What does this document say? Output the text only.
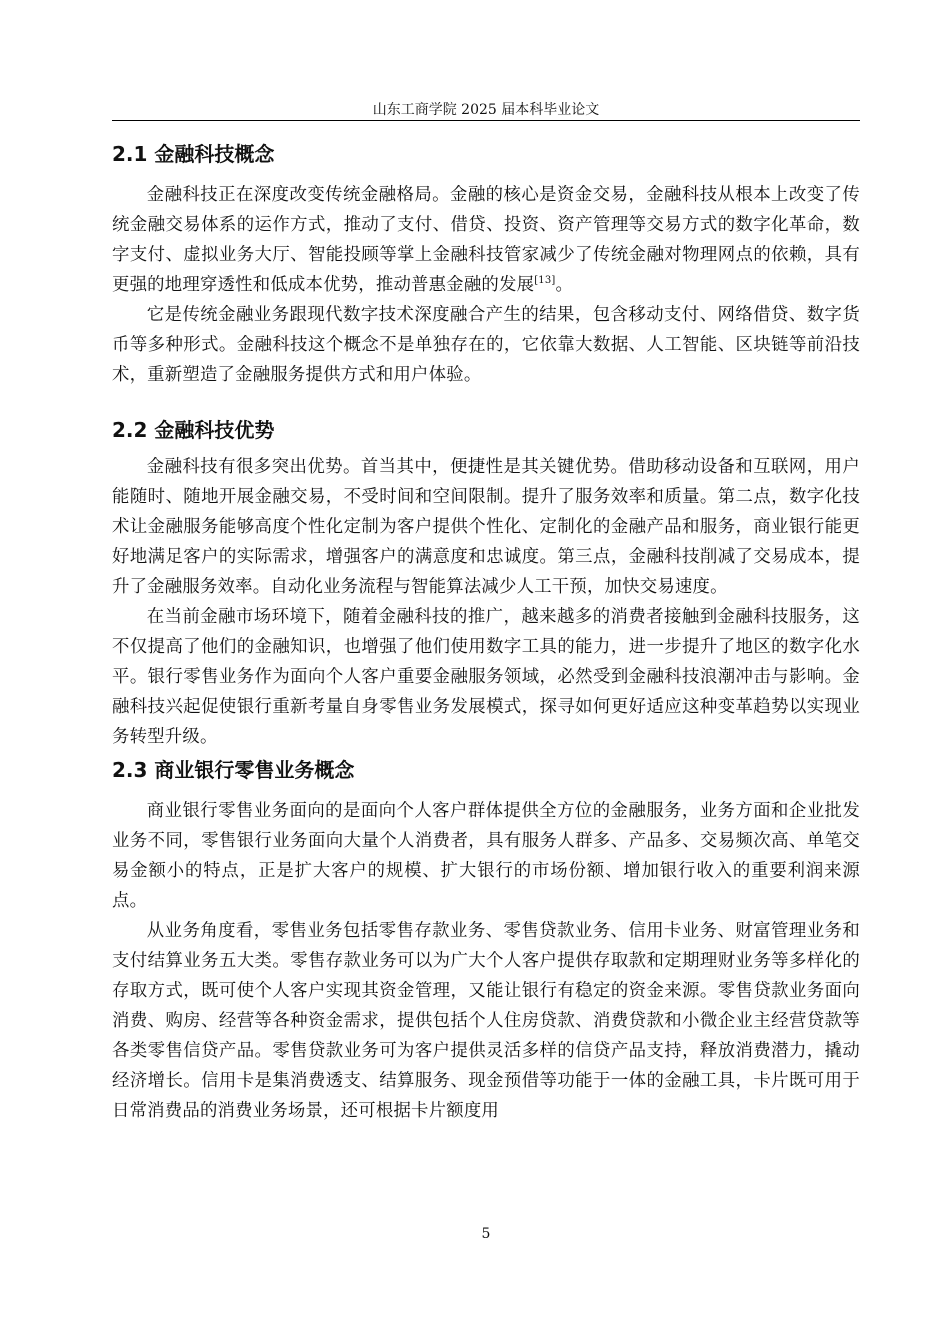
山东工商学院 2025 届本科毕业论文
2.1 金融科技概念

金融科技正在深度改变传统金融格局。金融的核心是资金交易，金融科技从根本上改变了传统金融交易体系的运作方式，推动了支付、借贷、投资、资产管理等交易方式的数字化革命，数字支付、虚拟业务大厅、智能投顾等掌上金融科技管家减少了传统金融对物理网点的依赖，具有更强的地理穿透性和低成本优势，推动普惠金融的发展[13]。

它是传统金融业务跟现代数字技术深度融合产生的结果，包含移动支付、网络借贷、数字货币等多种形式。金融科技这个概念不是单独存在的，它依靠大数据、人工智能、区块链等前沿技术，重新塑造了金融服务提供方式和用户体验。

2.2 金融科技优势

金融科技有很多突出优势。首当其中，便捷性是其关键优势。借助移动设备和互联网，用户能随时、随地开展金融交易，不受时间和空间限制。提升了服务效率和质量。第二点，数字化技术让金融服务能够高度个性化定制为客户提供个性化、定制化的金融产品和服务，商业银行能更好地满足客户的实际需求，增强客户的满意度和忠诚度。第三点，金融科技削减了交易成本，提升了金融服务效率。自动化业务流程与智能算法减少人工干预，加快交易速度。

在当前金融市场环境下，随着金融科技的推广，越来越多的消费者接触到金融科技服务，这不仅提高了他们的金融知识，也增强了他们使用数字工具的能力，进一步提升了地区的数字化水平。银行零售业务作为面向个人客户重要金融服务领域，必然受到金融科技浪潮冲击与影响。金融科技兴起促使银行重新考量自身零售业务发展模式，探寻如何更好适应这种变革趋势以实现业务转型升级。

2.3 商业银行零售业务概念

商业银行零售业务面向的是面向个人客户群体提供全方位的金融服务，业务方面和企业批发业务不同，零售银行业务面向大量个人消费者，具有服务人群多、产品多、交易频次高、单笔交易金额小的特点，正是扩大客户的规模、扩大银行的市场份额、增加银行收入的重要利润来源点。

从业务角度看，零售业务包括零售存款业务、零售贷款业务、信用卡业务、财富管理业务和支付结算业务五大类。零售存款业务可以为广大个人客户提供存取款和定期理财业务等多样化的存取方式，既可使个人客户实现其资金管理，又能让银行有稳定的资金来源。零售贷款业务面向消费、购房、经营等各种资金需求，提供包括个人住房贷款、消费贷款和小微企业主经营贷款等各类零售信贷产品。零售贷款业务可为客户提供灵活多样的信贷产品支持，释放消费潜力，撬动经济增长。信用卡是集消费透支、结算服务、现金预借等功能于一体的金融工具，卡片既可用于日常消费品的消费业务场景，还可根据卡片额度用

5
